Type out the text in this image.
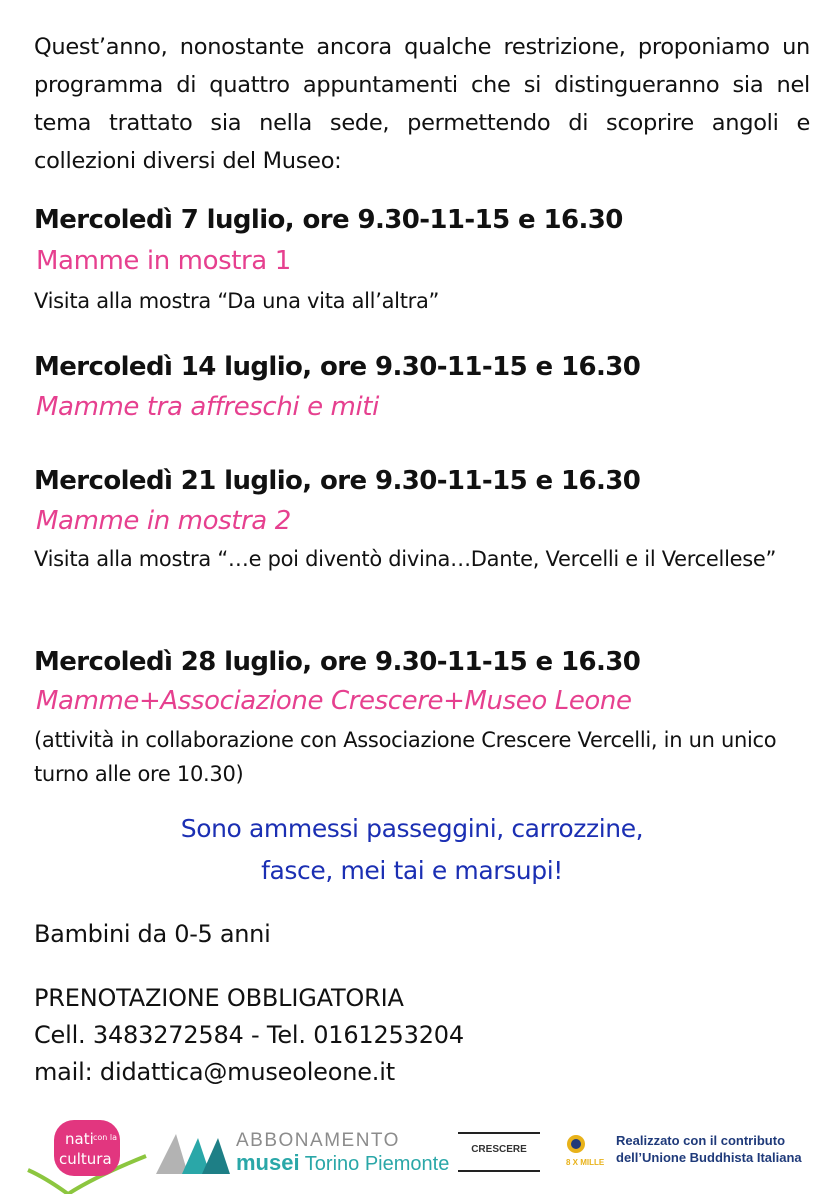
Quest’anno, nonostante ancora qualche restrizione, proponiamo un programma di quattro appuntamenti che si distingueranno sia nel tema trattato sia nella sede, permettendo di scoprire angoli e collezioni diversi del Museo:
Mercoledì 7 luglio, ore 9.30-11-15 e 16.30
Mamme in mostra 1
Visita alla mostra “Da una vita all’altra”
Mercoledì 14 luglio, ore 9.30-11-15 e 16.30
Mamme tra affreschi e miti
Mercoledì 21 luglio, ore 9.30-11-15 e 16.30
Mamme in mostra 2
Visita alla mostra “…e poi diventò divina…Dante, Vercelli e il Vercellese”
Mercoledì 28 luglio, ore 9.30-11-15 e 16.30
Mamme+Associazione Crescere+Museo Leone
(attività in collaborazione con Associazione Crescere Vercelli, in un unico turno alle ore 10.30)
Sono ammessi passeggini, carrozzine,
fasce, mei tai e marsupi!
Bambini da 0-5 anni
PRENOTAZIONE OBBLIGATORIA
Cell. 3483272584 - Tel. 0161253204
mail: didattica@museoleone.it
nati con la
cultura
ABBONAMENTO
musei Torino Piemonte
CRESCERE
8 X MILLE
Realizzato con il contributo
dell’Unione Buddhista Italiana
